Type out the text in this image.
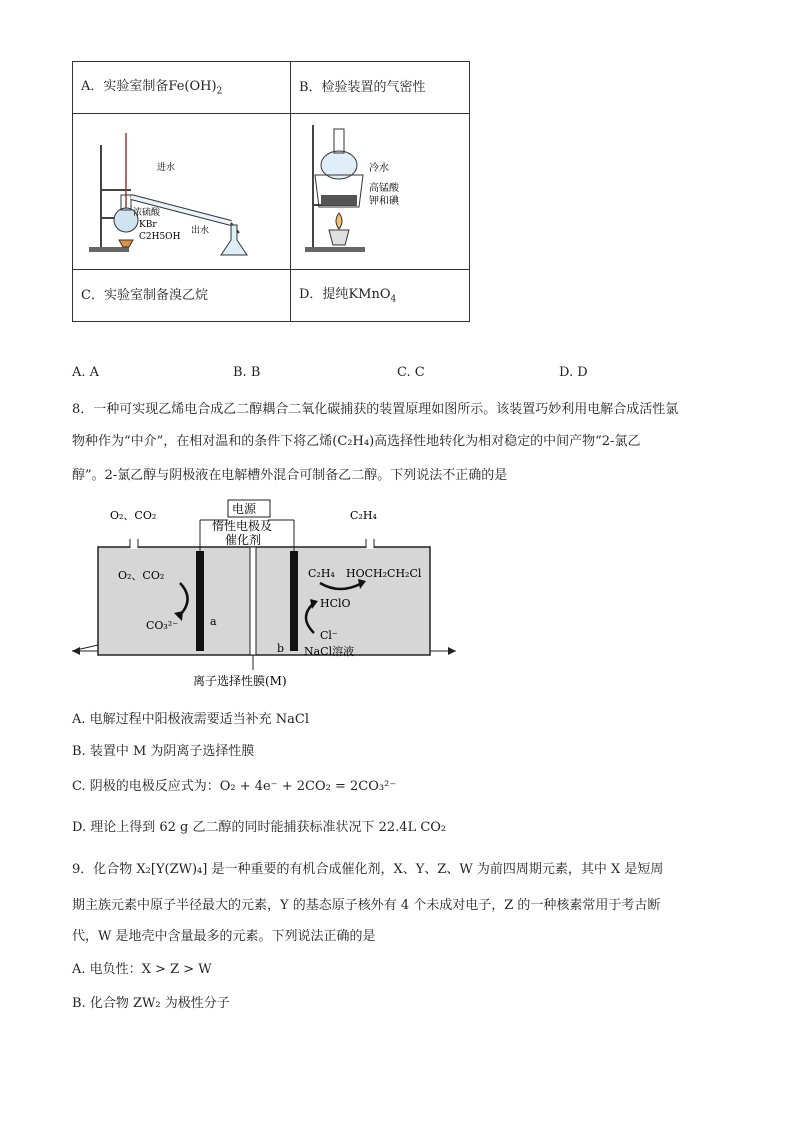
A．实验室制备$Fe(OH)_2$	B．检验装置的气密性

进水
浓硫酸
KBr
C2H5OH
出水	冷水
高锰酸
钾和碘

C．实验室制备溴乙烷	D．提纯KMnO$_4$
A. A	B. B	C. C	D. D
8．一种可实现乙烯电合成乙二醇耦合二氧化碳捕获的装置原理如图所示。该装置巧妙利用电解合成活性氯
物种作为“中介”，在相对温和的条件下将乙烯(C₂H₄)高选择性地转化为相对稳定的中间产物“2-氯乙
醇”。2-氯乙醇与阴极液在电解槽外混合可制备乙二醇。下列说法不正确的是
电源
惰性电极及
催化剂
O₂、CO₂	C₂H₄
O₂、CO₂
CO₃²⁻	a
b
C₂H₄ HOCH₂CH₂Cl
HClO
Cl⁻
NaCl溶液
离子选择性膜(M)
A. 电解过程中阳极液需要适当补充 NaCl
B. 装置中 M 为阴离子选择性膜
C. 阴极的电极反应式为：O₂ + 4e⁻ + 2CO₂ = 2CO₃²⁻
D. 理论上得到 62 g 乙二醇的同时能捕获标准状况下 22.4L CO₂
9．化合物 X₂[Y(ZW)₄] 是一种重要的有机合成催化剂，X、Y、Z、W 为前四周期元素，其中 X 是短周
期主族元素中原子半径最大的元素，Y 的基态原子核外有 4 个未成对电子，Z 的一种核素常用于考古断
代，W 是地壳中含量最多的元素。下列说法正确的是
A. 电负性：X > Z > W
B. 化合物 ZW₂ 为极性分子
